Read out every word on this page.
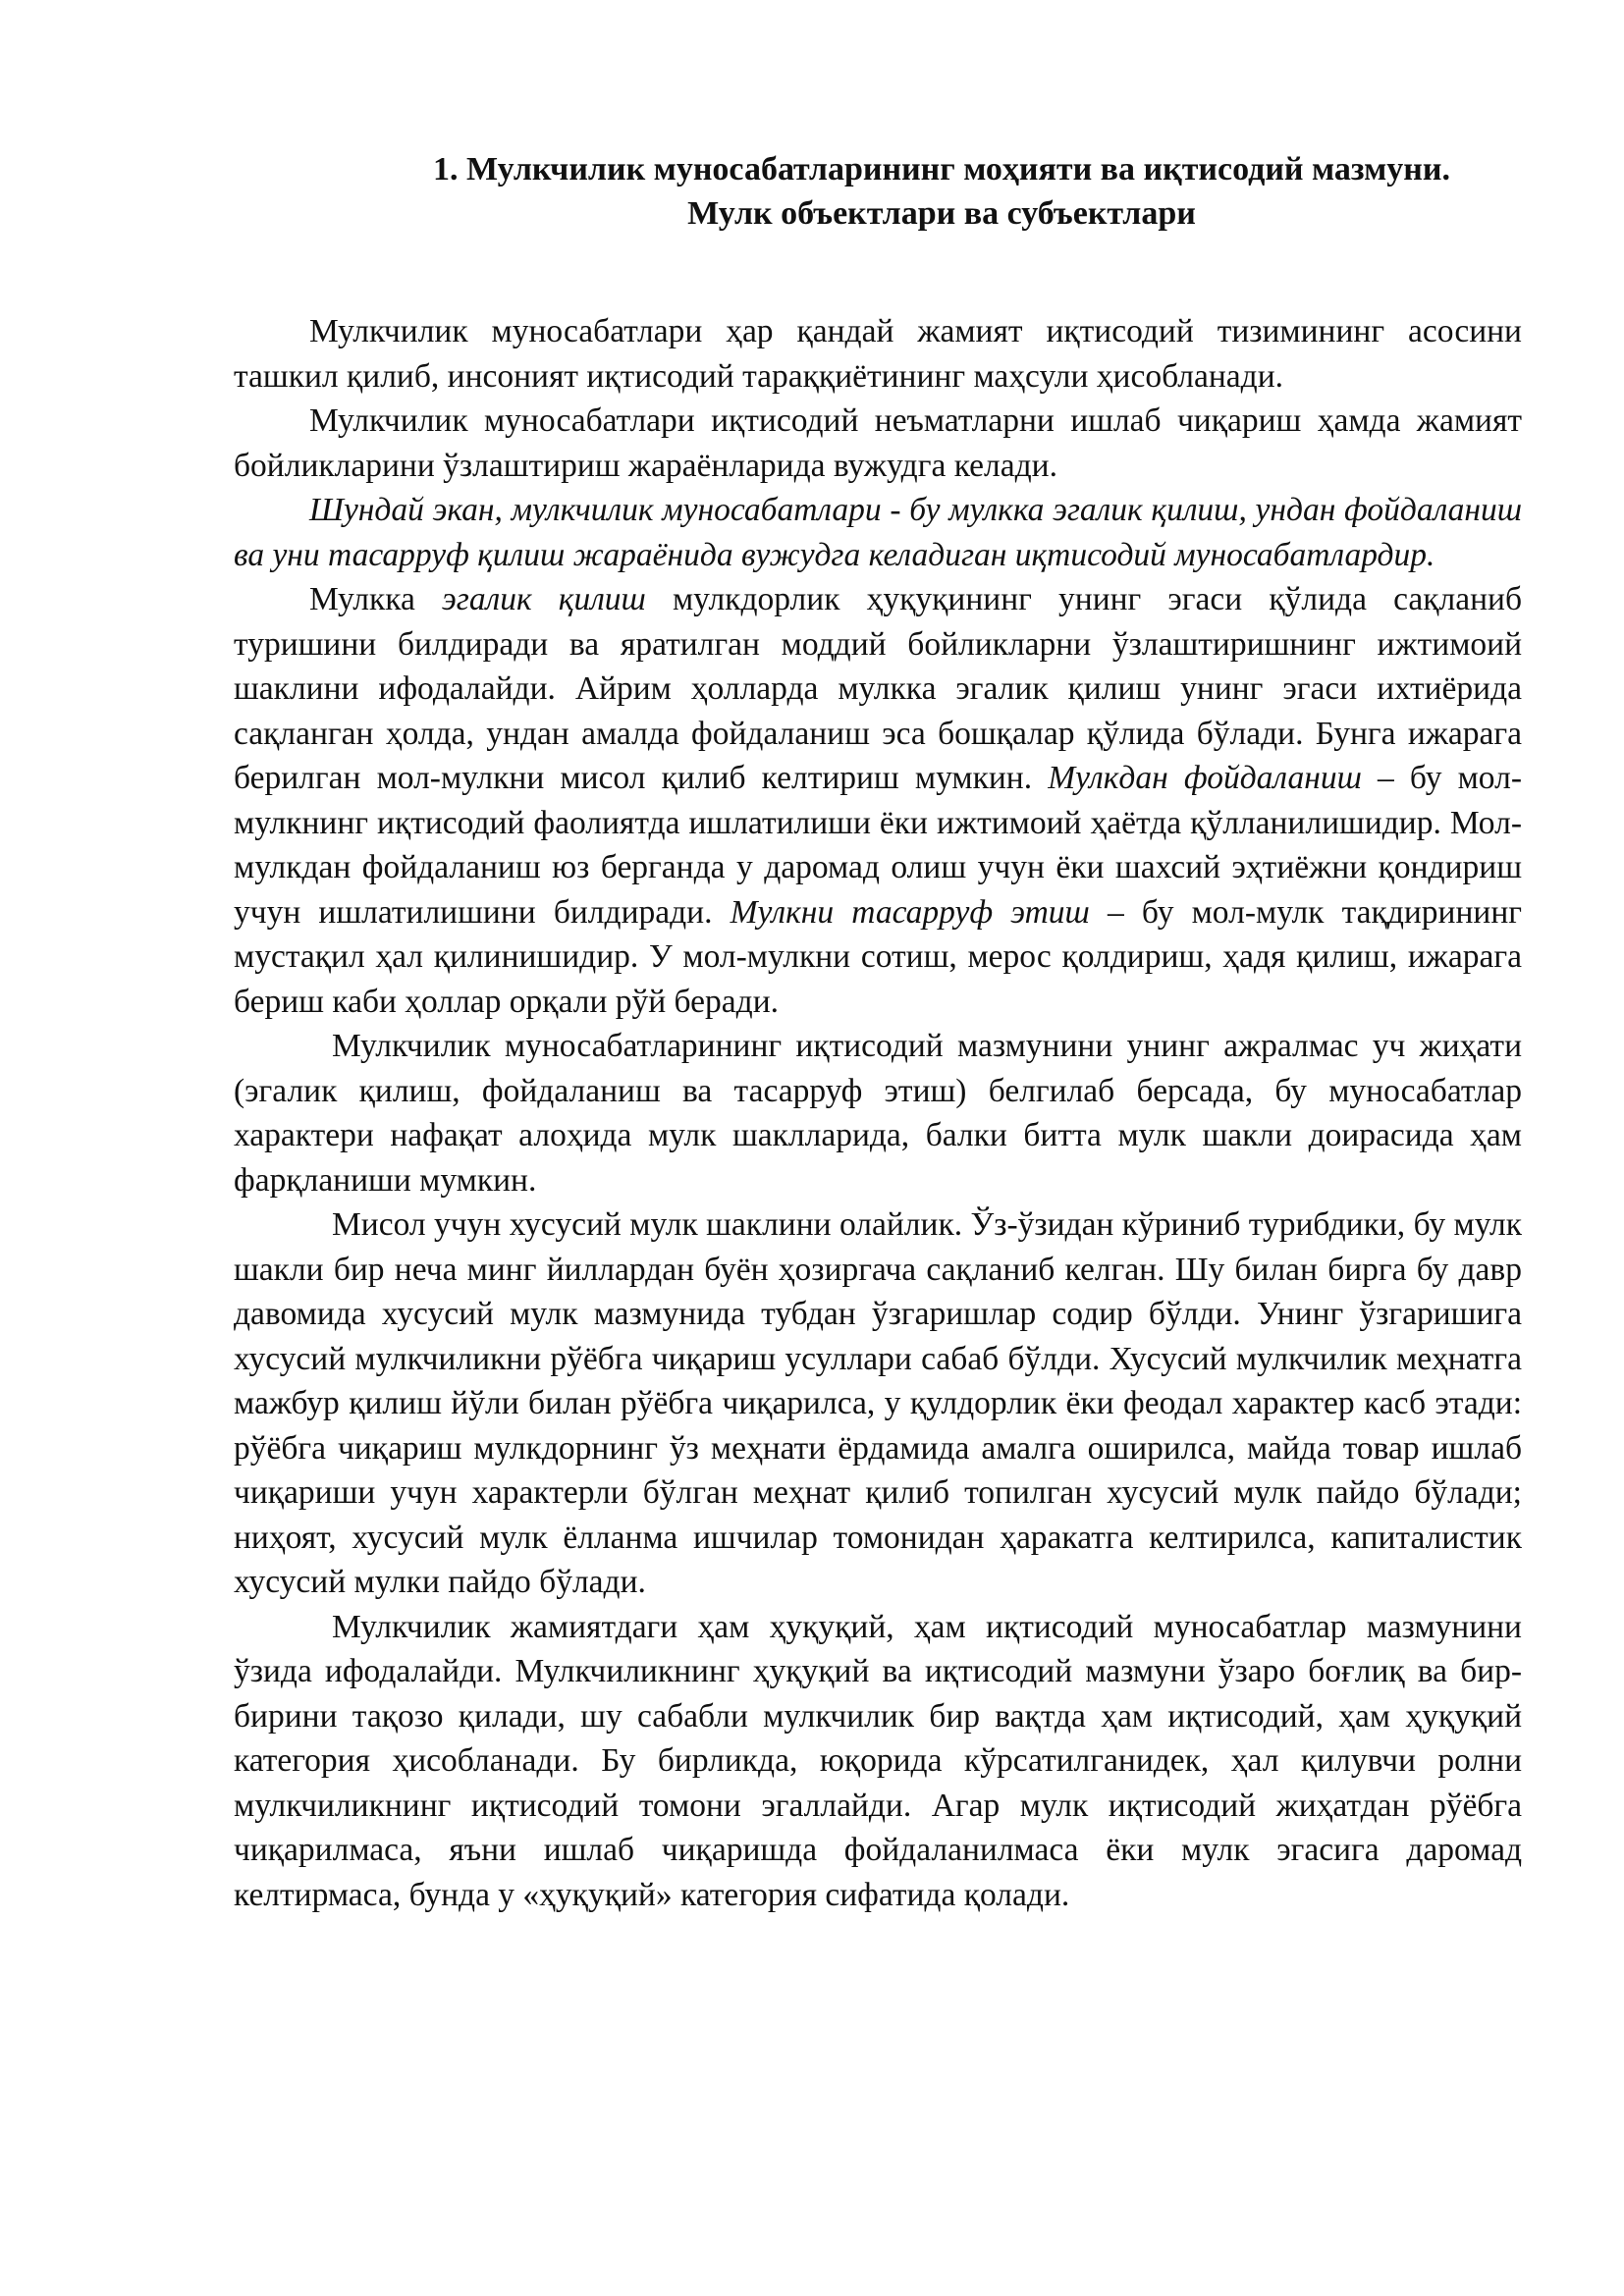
1. Мулкчилик муносабатларининг моҳияти ва иқтисодий мазмуни.
Мулк объектлари ва субъектлари

Мулкчилик муносабатлари ҳар қандай жамият иқтисодий тизимининг асосини ташкил қилиб, инсоният иқтисодий тараққиётининг маҳсули ҳисобланади.

Мулкчилик муносабатлари иқтисодий неъматларни ишлаб чиқариш ҳамда жамият бойликларини ўзлаштириш жараёнларида вужудга келади.

Шундай экан, мулкчилик муносабатлари - бу мулкка эгалик қилиш, ундан фойдаланиш ва уни тасарруф қилиш жараёнида вужудга келадиган иқтисодий муносабатлардир.

Мулкка эгалик қилиш мулкдорлик ҳуқуқининг унинг эгаси қўлида сақланиб туришини билдиради ва яратилган моддий бойликларни ўзлаштиришнинг ижтимоий шаклини ифодалайди. Айрим ҳолларда мулкка эгалик қилиш унинг эгаси ихтиёрида сақланган ҳолда, ундан амалда фойдаланиш эса бошқалар қўлида бўлади. Бунга ижарага берилган мол-мулкни мисол қилиб келтириш мумкин. Мулкдан фойдаланиш – бу мол-мулкнинг иқтисодий фаолиятда ишлатилиши ёки ижтимоий ҳаётда қўлланилишидир. Мол-мулкдан фойдаланиш юз берганда у даромад олиш учун ёки шахсий эҳтиёжни қондириш учун ишлатилишини билдиради. Мулкни тасарруф этиш – бу мол-мулк тақдирининг мустақил ҳал қилинишидир. У мол-мулкни сотиш, мерос қолдириш, ҳадя қилиш, ижарага бериш каби ҳоллар орқали рўй беради.

Мулкчилик муносабатларининг иқтисодий мазмунини унинг ажралмас уч жиҳати (эгалик қилиш, фойдаланиш ва тасарруф этиш) белгилаб берсада, бу муносабатлар характери нафақат алоҳида мулк шаклларида, балки битта мулк шакли доирасида ҳам фарқланиши мумкин.

Мисол учун хусусий мулк шаклини олайлик. Ўз-ўзидан кўриниб турибдики, бу мулк шакли бир неча минг йиллардан буён ҳозиргача сақланиб келган. Шу билан бирга бу давр давомида хусусий мулк мазмунида тубдан ўзгаришлар содир бўлди. Унинг ўзгаришига хусусий мулкчиликни рўёбга чиқариш усуллари сабаб бўлди. Хусусий мулкчилик меҳнатга мажбур қилиш йўли билан рўёбга чиқарилса, у қулдорлик ёки феодал характер касб этади: рўёбга чиқариш мулкдорнинг ўз меҳнати ёрдамида амалга оширилса, майда товар ишлаб чиқариши учун характерли бўлган меҳнат қилиб топилган хусусий мулк пайдо бўлади; ниҳоят, хусусий мулк ёлланма ишчилар томонидан ҳаракатга келтирилса, капиталистик хусусий мулки пайдо бўлади.

Мулкчилик жамиятдаги ҳам ҳуқуқий, ҳам иқтисодий муносабатлар мазмунини ўзида ифодалайди. Мулкчиликнинг ҳуқуқий ва иқтисодий мазмуни ўзаро боғлиқ ва бир-бирини тақозо қилади, шу сабабли мулкчилик бир вақтда ҳам иқтисодий, ҳам ҳуқуқий категория ҳисобланади. Бу бирликда, юқорида кўрсатилганидек, ҳал қилувчи ролни мулкчиликнинг иқтисодий томони эгаллайди. Агар мулк иқтисодий жиҳатдан рўёбга чиқарилмаса, яъни ишлаб чиқаришда фойдаланилмаса ёки мулк эгасига даромад келтирмаса, бунда у «ҳуқуқий» категория сифатида қолади.
